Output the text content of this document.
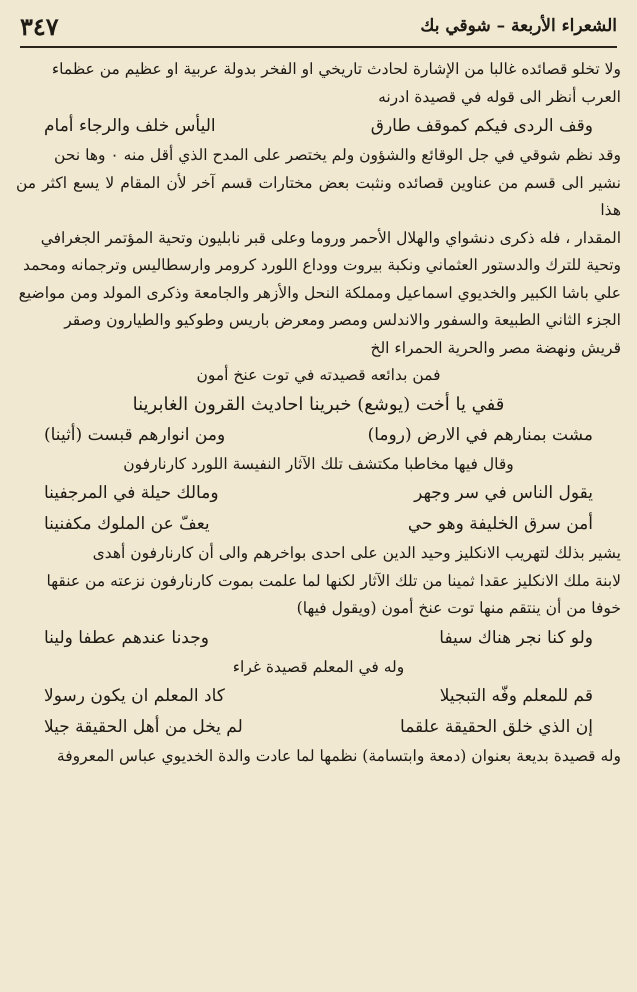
الشعراء الأربعة – شوقي بك
٣٤٧

ولا تخلو قصائده غالبا من الإشارة لحادث تاريخي او الفخر بدولة عربية او عظيم من عظماء

العرب أنظر الى قوله في قصيدة ادرنه

وقف الردى فيكم كموقف طارق
اليأس خلف والرجاء أمام

وقد نظم شوقي في جل الوقائع والشؤون ولم يختصر على المدح الذي أقل منه ٠ وها نحن

نشير الى قسم من عناوين قصائده ونثبت بعض مختارات قسم آخر لأن المقام لا يسع اكثر من هذا

المقدار ، فله ذكرى دنشواي والهلال الأحمر وروما وعلى قبر نابليون وتحية المؤتمر الجغرافي

وتحية للترك والدستور العثماني ونكبة بيروت ووداع اللورد كرومر وارسطاليس وترجمانه ومحمد

علي باشا الكبير والخديوي اسماعيل ومملكة النحل والأزهر والجامعة وذكرى المولد ومن مواضيع

الجزء الثاني الطبيعة والسفور والاندلس ومصر ومعرض باريس وطوكيو والطيارون وصقر

قريش ونهضة مصر والحرية الحمراء الخ

فمن بدائعه قصيدته في توت عنخ أمون

قفي يا أخت (يوشع) خبرينا احاديث القرون الغابرينا
مشت بمنارهم في الارض (روما)
ومن انوارهم قبست (أثينا)

وقال فيها مخاطبا مكتشف تلك الآثار النفيسة اللورد كارنارفون

يقول الناس في سر وجهر
ومالك حيلة في المرجفينا
أمن سرق الخليفة وهو حي
يعفّ عن الملوك مكفنينا

يشير بذلك لتهريب الانكليز وحيد الدين على احدى بواخرهم والى أن كارنارفون أهدى

لابنة ملك الانكليز عقدا ثمينا من تلك الآثار لكنها لما علمت بموت كارنارفون نزعته من عنقها

خوفا من أن ينتقم منها توت عنخ أمون (ويقول فيها)

ولو كنا نجر هناك سيفا
وجدنا عندهم عطفا ولينا

وله في المعلم قصيدة غراء

قم للمعلم وفّه التبجيلا
كاد المعلم ان يكون رسولا
إن الذي خلق الحقيقة علقما
لم يخل من أهل الحقيقة جيلا

وله قصيدة بديعة بعنوان (دمعة وابتسامة) نظمها لما عادت والدة الخديوي عباس المعروفة
